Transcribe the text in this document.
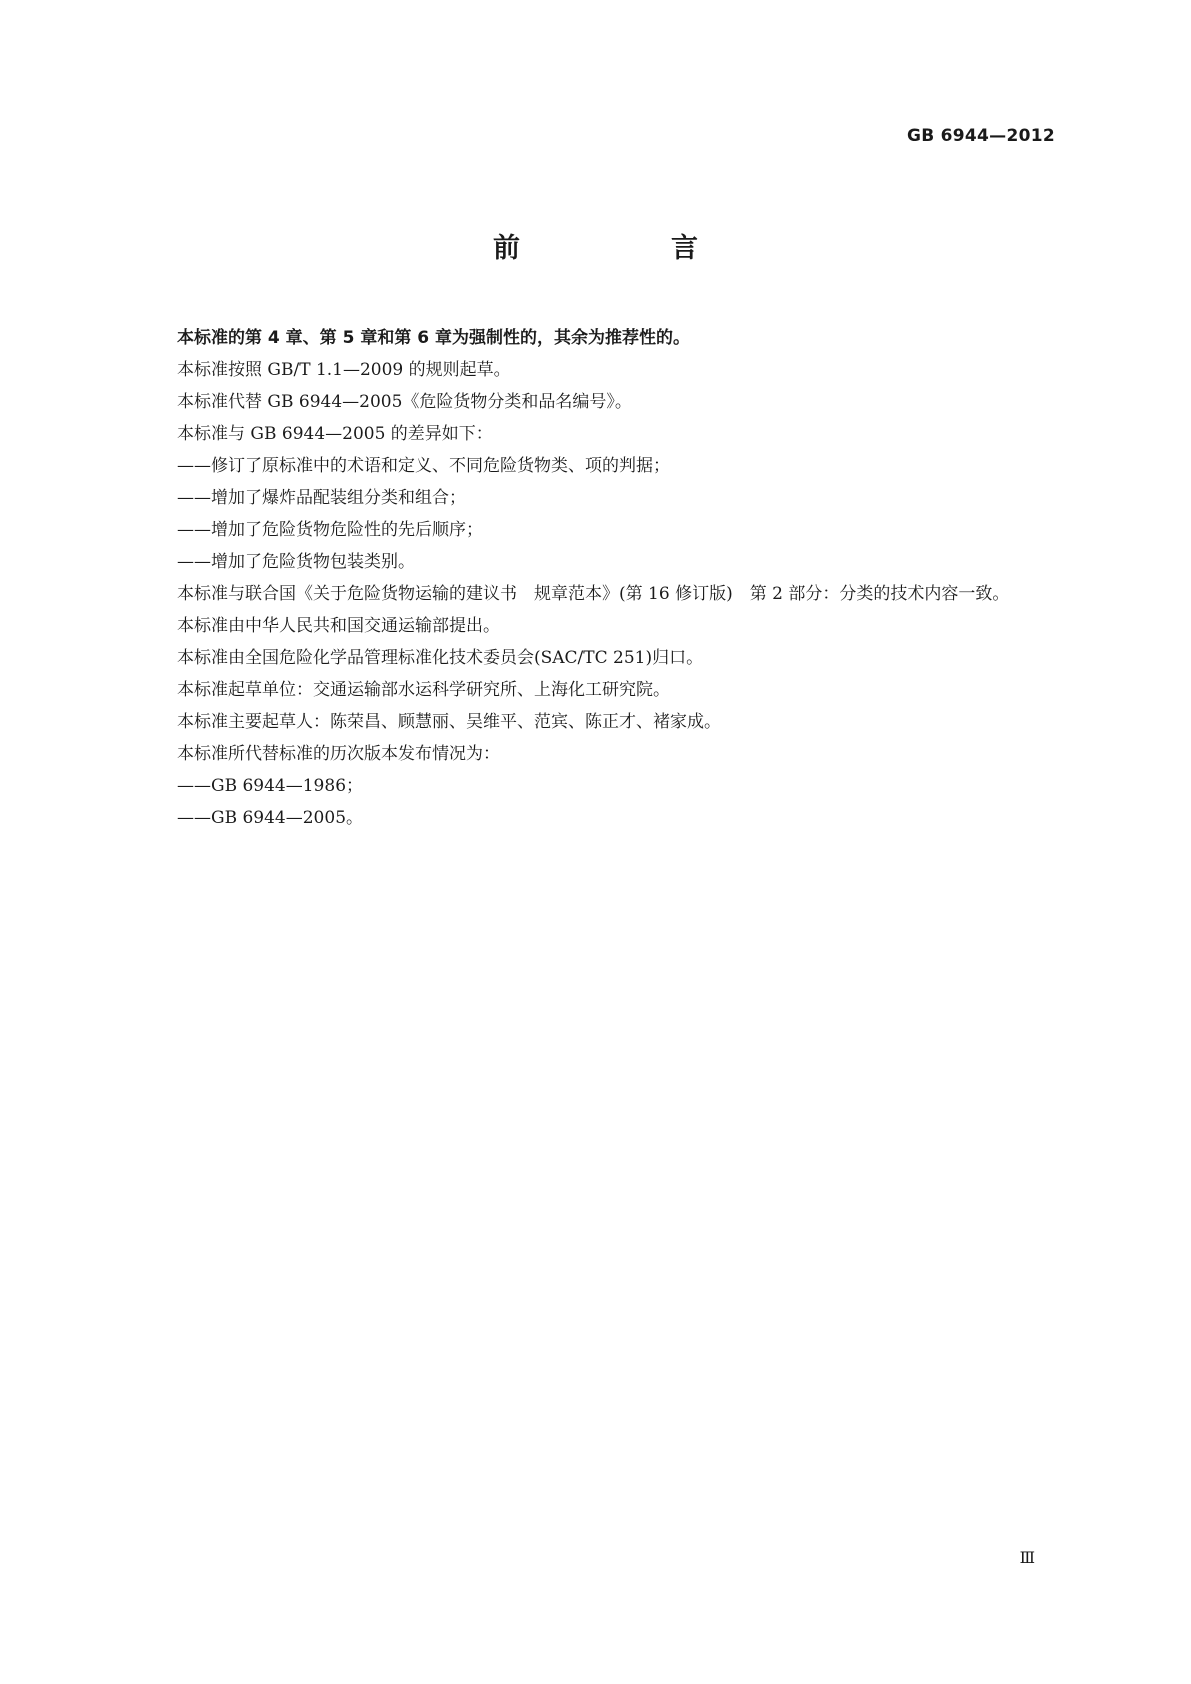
GB 6944—2012
前　言

本标准的第 4 章、第 5 章和第 6 章为强制性的，其余为推荐性的。

本标准按照 GB/T 1.1—2009 的规则起草。

本标准代替 GB 6944—2005《危险货物分类和品名编号》。

本标准与 GB 6944—2005 的差异如下：

——修订了原标准中的术语和定义、不同危险货物类、项的判据；

——增加了爆炸品配装组分类和组合；

——增加了危险货物危险性的先后顺序；

——增加了危险货物包装类别。

本标准与联合国《关于危险货物运输的建议书　规章范本》(第 16 修订版)　第 2 部分：分类的技术内容一致。

本标准由中华人民共和国交通运输部提出。

本标准由全国危险化学品管理标准化技术委员会(SAC/TC 251)归口。

本标准起草单位：交通运输部水运科学研究所、上海化工研究院。

本标准主要起草人：陈荣昌、顾慧丽、吴维平、范宾、陈正才、褚家成。

本标准所代替标准的历次版本发布情况为：

——GB 6944—1986；

——GB 6944—2005。

Ⅲ
